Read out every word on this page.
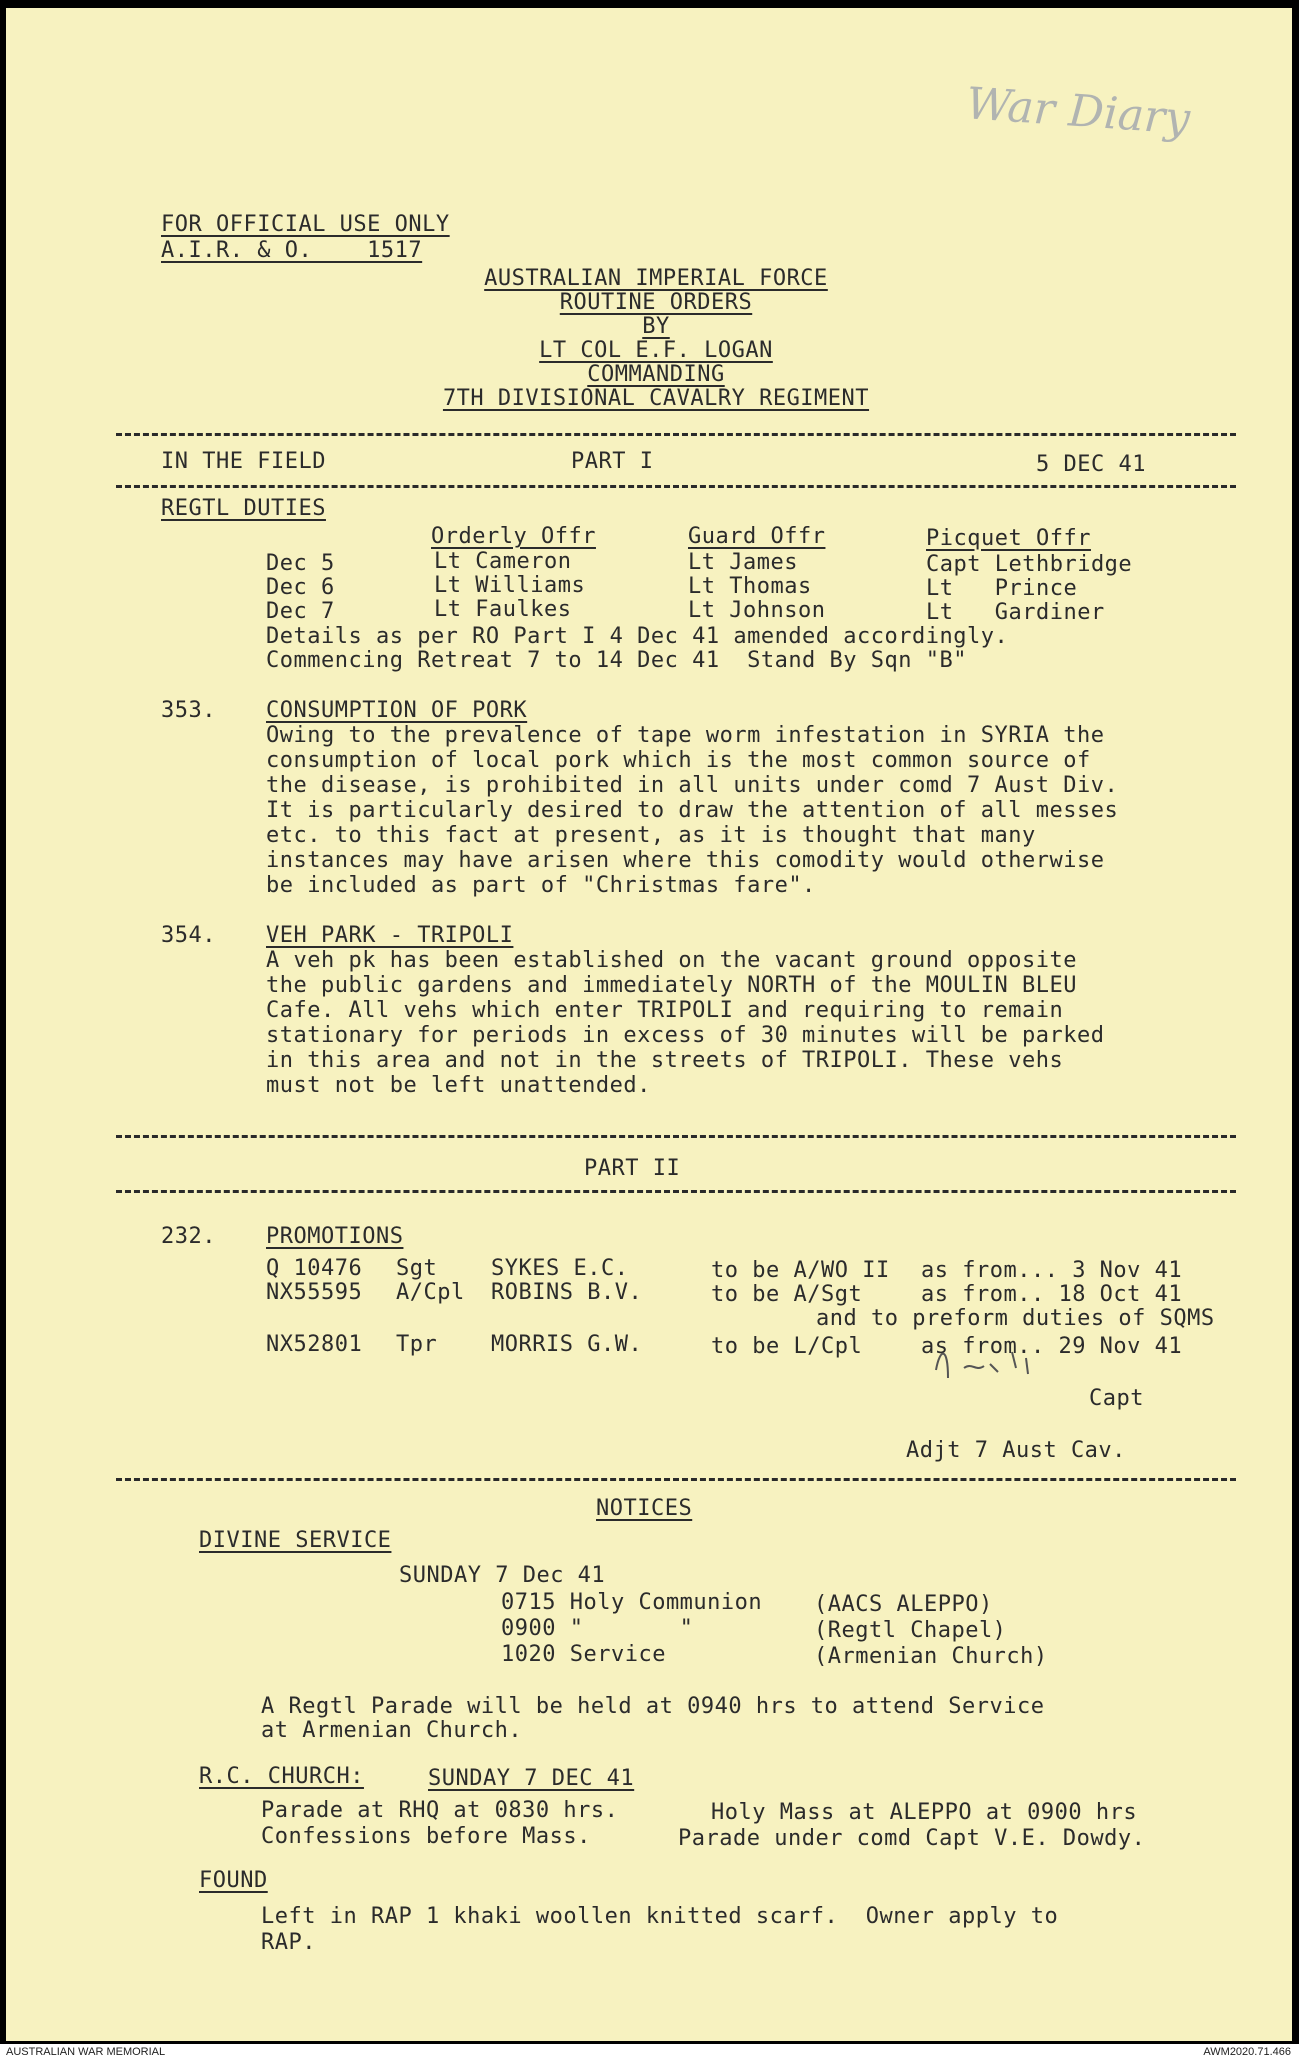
War Diary
FOR OFFICIAL USE ONLY
A.I.R. & O.    1517
AUSTRALIAN IMPERIAL FORCE
ROUTINE ORDERS
BY
LT COL E.F. LOGAN
COMMANDING
7TH DIVISIONAL CAVALRY REGIMENT
IN THE FIELD	PART I	5 DEC 41
REGTL DUTIES
Orderly Offr	Guard Offr	Picquet Offr
Dec 5	Lt Cameron	Lt James	Capt Lethbridge
Dec 6	Lt Williams	Lt Thomas	Lt   Prince
Dec 7	Lt Faulkes	Lt Johnson	Lt   Gardiner
Details as per RO Part I 4 Dec 41 amended accordingly.
Commencing Retreat 7 to 14 Dec 41  Stand By Sqn "B"
353. CONSUMPTION OF PORK
Owing to the prevalence of tape worm infestation in SYRIA the
consumption of local pork which is the most common source of
the disease, is prohibited in all units under comd 7 Aust Div.
It is particularly desired to draw the attention of all messes
etc. to this fact at present, as it is thought that many
instances may have arisen where this comodity would otherwise
be included as part of "Christmas fare".
354. VEH PARK - TRIPOLI
A veh pk has been established on the vacant ground opposite
the public gardens and immediately NORTH of the MOULIN BLEU
Cafe. All vehs which enter TRIPOLI and requiring to remain
stationary for periods in excess of 30 minutes will be parked
in this area and not in the streets of TRIPOLI. These vehs
must not be left unattended.
PART II
232. PROMOTIONS
Q 10476 Sgt SYKES E.C.	to be A/WO II as from... 3 Nov 41
NX55595 A/Cpl ROBINS B.V.	to be A/Sgt	as from.. 18 Oct 41
and to preform duties of SQMS
NX52801 Tpr MORRIS G.W.	to be L/Cpl	as from.. 29 Nov 41
Capt
Adjt 7 Aust Cav.
NOTICES
DIVINE SERVICE
SUNDAY 7 Dec 41
0715 Holy Communion (AACS ALEPPO)
0900 "       "	(Regtl Chapel)
1020 Service	(Armenian Church)
A Regtl Parade will be held at 0940 hrs to attend Service
at Armenian Church.
R.C. CHURCH:	SUNDAY 7 DEC 41
Parade at RHQ at 0830 hrs.	Holy Mass at ALEPPO at 0900 hrs
Confessions before Mass.	Parade under comd Capt V.E. Dowdy.
FOUND
Left in RAP 1 khaki woollen knitted scarf.  Owner apply to
RAP.
AUSTRALIAN WAR MEMORIAL	AWM2020.71.466
